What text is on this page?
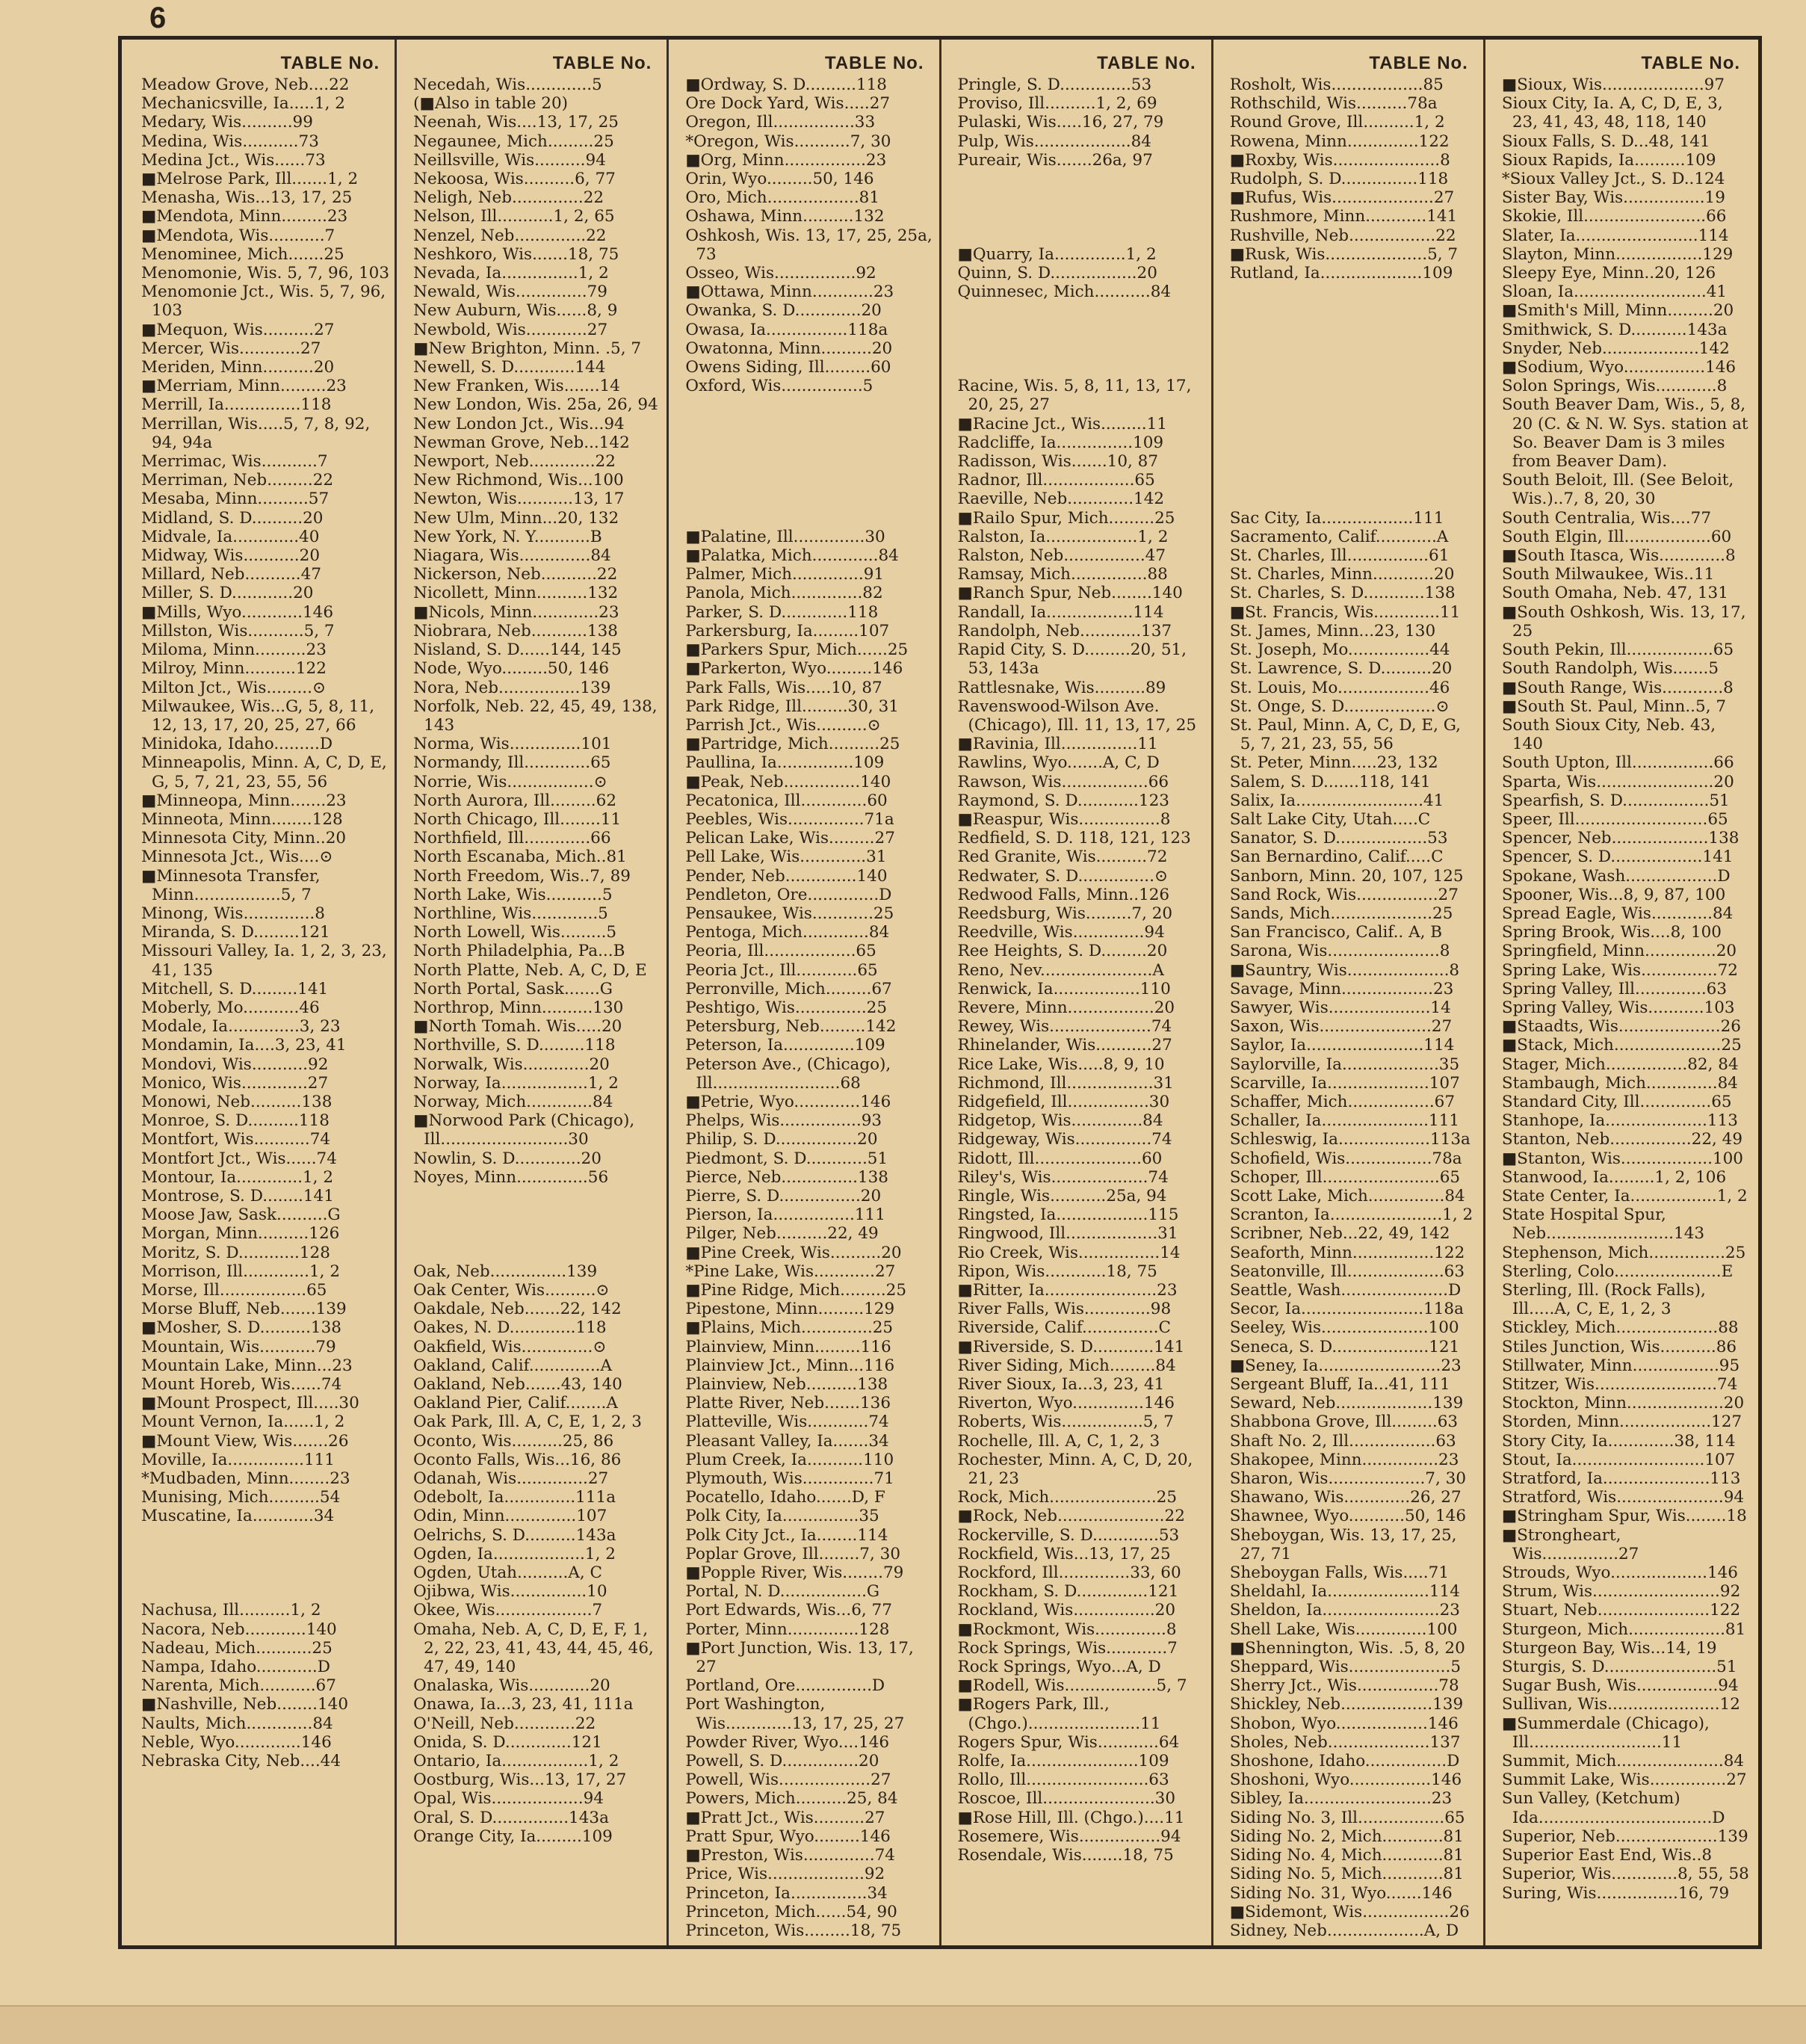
6
TABLE No.
Meadow Grove, Neb....22
Mechanicsville, Ia.....1, 2
Medary, Wis..........99
Medina, Wis...........73
Medina Jct., Wis......73
■Melrose Park, Ill.......1, 2
Menasha, Wis...13, 17, 25
■Mendota, Minn.........23
■Mendota, Wis...........7
Menominee, Mich.......25
Menomonie, Wis. 5, 7, 96, 103
Menomonie Jct., Wis. 5, 7, 96, 103
■Mequon, Wis..........27
Mercer, Wis............27
Meriden, Minn..........20
■Merriam, Minn.........23
Merrill, Ia...............118
Merrillan, Wis.....5, 7, 8, 92, 94, 94a
Merrimac, Wis...........7
Merriman, Neb.........22
Mesaba, Minn..........57
Midland, S. D..........20
Midvale, Ia.............40
Midway, Wis...........20
Millard, Neb...........47
Miller, S. D............20
■Mills, Wyo............146
Millston, Wis...........5, 7
Miloma, Minn..........23
Milroy, Minn..........122
Milton Jct., Wis.........⊙
Milwaukee, Wis...G, 5, 8, 11, 12, 13, 17, 20, 25, 27, 66
Minidoka, Idaho.........D
Minneapolis, Minn. A, C, D, E, G, 5, 7, 21, 23, 55, 56
■Minneopa, Minn.......23
Minneota, Minn........128
Minnesota City, Minn..20
Minnesota Jct., Wis....⊙
■Minnesota Transfer, Minn.................5, 7
Minong, Wis..............8
Miranda, S. D.........121
Missouri Valley, Ia. 1, 2, 3, 23, 41, 135
Mitchell, S. D.........141
Moberly, Mo...........46
Modale, Ia..............3, 23
Mondamin, Ia....3, 23, 41
Mondovi, Wis...........92
Monico, Wis.............27
Monowi, Neb..........138
Monroe, S. D..........118
Montfort, Wis...........74
Montfort Jct., Wis......74
Montour, Ia.............1, 2
Montrose, S. D........141
Moose Jaw, Sask..........G
Morgan, Minn..........126
Moritz, S. D............128
Morrison, Ill.............1, 2
Morse, Ill.................65
Morse Bluff, Neb.......139
■Mosher, S. D..........138
Mountain, Wis...........79
Mountain Lake, Minn...23
Mount Horeb, Wis......74
■Mount Prospect, Ill.....30
Mount Vernon, Ia......1, 2
■Mount View, Wis.......26
Moville, Ia...............111
*Mudbaden, Minn........23
Munising, Mich..........54
Muscatine, Ia............34

Nachusa, Ill..........1, 2
Nacora, Neb............140
Nadeau, Mich...........25
Nampa, Idaho............D
Narenta, Mich...........67
■Nashville, Neb........140
Naults, Mich.............84
Neble, Wyo.............146
Nebraska City, Neb....44
TABLE No.
Necedah, Wis.............5
(■Also in table 20)
Neenah, Wis....13, 17, 25
Negaunee, Mich.........25
Neillsville, Wis..........94
Nekoosa, Wis..........6, 77
Neligh, Neb..............22
Nelson, Ill...........1, 2, 65
Nenzel, Neb..............22
Neshkoro, Wis.......18, 75
Nevada, Ia...............1, 2
Newald, Wis..............79
New Auburn, Wis......8, 9
Newbold, Wis............27
■New Brighton, Minn. .5, 7
Newell, S. D............144
New Franken, Wis.......14
New London, Wis. 25a, 26, 94
New London Jct., Wis...94
Newman Grove, Neb...142
Newport, Neb.............22
New Richmond, Wis...100
Newton, Wis...........13, 17
New Ulm, Minn...20, 132
New York, N. Y...........B
Niagara, Wis..............84
Nickerson, Neb...........22
Nicollett, Minn..........132
■Nicols, Minn.............23
Niobrara, Neb...........138
Nisland, S. D......144, 145
Node, Wyo.........50, 146
Nora, Neb................139
Norfolk, Neb. 22, 45, 49, 138, 143
Norma, Wis..............101
Normandy, Ill.............65
Norrie, Wis.................⊙
North Aurora, Ill.........62
North Chicago, Ill........11
Northfield, Ill.............66
North Escanaba, Mich..81
North Freedom, Wis..7, 89
North Lake, Wis...........5
Northline, Wis.............5
North Lowell, Wis.........5
North Philadelphia, Pa...B
North Platte, Neb. A, C, D, E
North Portal, Sask.......G
Northrop, Minn..........130
■North Tomah. Wis.....20
Northville, S. D.........118
Norwalk, Wis.............20
Norway, Ia.................1, 2
Norway, Mich.............84
■Norwood Park (Chicago), Ill.........................30
Nowlin, S. D.............20
Noyes, Minn..............56

Oak, Neb...............139
Oak Center, Wis..........⊙
Oakdale, Neb.......22, 142
Oakes, N. D.............118
Oakfield, Wis..............⊙
Oakland, Calif..............A
Oakland, Neb.......43, 140
Oakland Pier, Calif........A
Oak Park, Ill. A, C, E, 1, 2, 3
Oconto, Wis..........25, 86
Oconto Falls, Wis...16, 86
Odanah, Wis..............27
Odebolt, Ia..............111a
Odin, Minn..............107
Oelrichs, S. D..........143a
Ogden, Ia..................1, 2
Ogden, Utah..........A, C
Ojibwa, Wis...............10
Okee, Wis...................7
Omaha, Neb. A, C, D, E, F, 1, 2, 22, 23, 41, 43, 44, 45, 46, 47, 49, 140
Onalaska, Wis............20
Onawa, Ia...3, 23, 41, 111a
O'Neill, Neb............22
Onida, S. D.............121
Ontario, Ia.................1, 2
Oostburg, Wis...13, 17, 27
Opal, Wis..................94
Oral, S. D...............143a
Orange City, Ia.........109
TABLE No.
■Ordway, S. D..........118
Ore Dock Yard, Wis.....27
Oregon, Ill................33
*Oregon, Wis...........7, 30
■Org, Minn................23
Orin, Wyo.........50, 146
Oro, Mich..................81
Oshawa, Minn..........132
Oshkosh, Wis. 13, 17, 25, 25a, 73
Osseo, Wis................92
■Ottawa, Minn............23
Owanka, S. D.............20
Owasa, Ia................118a
Owatonna, Minn..........20
Owens Siding, Ill.........60
Oxford, Wis................5

■Palatine, Ill..............30
■Palatka, Mich.............84
Palmer, Mich..............91
Panola, Mich..............82
Parker, S. D.............118
Parkersburg, Ia.........107
■Parkers Spur, Mich......25
■Parkerton, Wyo.........146
Park Falls, Wis.....10, 87
Park Ridge, Ill.........30, 31
Parrish Jct., Wis..........⊙
■Partridge, Mich..........25
Paullina, Ia...............109
■Peak, Neb...............140
Pecatonica, Ill.............60
Peebles, Wis...............71a
Pelican Lake, Wis.........27
Pell Lake, Wis.............31
Pender, Neb..............140
Pendleton, Ore..............D
Pensaukee, Wis............25
Pentoga, Mich.............84
Peoria, Ill..................65
Peoria Jct., Ill............65
Perronville, Mich.........67
Peshtigo, Wis..............25
Petersburg, Neb.........142
Peterson, Ia..............109
Peterson Ave., (Chicago), Ill.........................68
■Petrie, Wyo.............146
Phelps, Wis................93
Philip, S. D................20
Piedmont, S. D............51
Pierce, Neb...............138
Pierre, S. D................20
Pierson, Ia................111
Pilger, Neb..........22, 49
■Pine Creek, Wis..........20
*Pine Lake, Wis............27
■Pine Ridge, Mich.........25
Pipestone, Minn.........129
■Plains, Mich..............25
Plainview, Minn.........116
Plainview Jct., Minn...116
Plainview, Neb..........138
Platte River, Neb.......136
Platteville, Wis............74
Pleasant Valley, Ia.......34
Plum Creek, Ia...........110
Plymouth, Wis..............71
Pocatello, Idaho.......D, F
Polk City, Ia...............35
Polk City Jct., Ia........114
Poplar Grove, Ill........7, 30
■Popple River, Wis........79
Portal, N. D.................G
Port Edwards, Wis...6, 77
Porter, Minn..............128
■Port Junction, Wis. 13, 17, 27
Portland, Ore...............D
Port Washington, Wis.............13, 17, 25, 27
Powder River, Wyo....146
Powell, S. D...............20
Powell, Wis..................27
Powers, Mich..........25, 84
■Pratt Jct., Wis..........27
Pratt Spur, Wyo.........146
■Preston, Wis..............74
Price, Wis...................92
Princeton, Ia...............34
Princeton, Mich......54, 90
Princeton, Wis.........18, 75
TABLE No.
Pringle, S. D..............53
Proviso, Ill..........1, 2, 69
Pulaski, Wis.....16, 27, 79
Pulp, Wis...................84
Pureair, Wis.......26a, 97

■Quarry, Ia..............1, 2
Quinn, S. D.................20
Quinnesec, Mich...........84

Racine, Wis. 5, 8, 11, 13, 17, 20, 25, 27
■Racine Jct., Wis.........11
Radcliffe, Ia...............109
Radisson, Wis.......10, 87
Radnor, Ill..................65
Raeville, Neb.............142
■Railo Spur, Mich.........25
Ralston, Ia..................1, 2
Ralston, Neb................47
Ramsay, Mich...............88
■Ranch Spur, Neb........140
Randall, Ia.................114
Randolph, Neb............137
Rapid City, S. D.........20, 51, 53, 143a
Rattlesnake, Wis..........89
Ravenswood-Wilson Ave. (Chicago), Ill. 11, 13, 17, 25
■Ravinia, Ill...............11
Rawlins, Wyo.......A, C, D
Rawson, Wis.................66
Raymond, S. D............123
■Reaspur, Wis................8
Redfield, S. D. 118, 121, 123
Red Granite, Wis..........72
Redwater, S. D...............⊙
Redwood Falls, Minn..126
Reedsburg, Wis.........7, 20
Reedville, Wis..............94
Ree Heights, S. D.........20
Reno, Nev......................A
Renwick, Ia.................110
Revere, Minn.................20
Rewey, Wis....................74
Rhinelander, Wis...........27
Rice Lake, Wis.....8, 9, 10
Richmond, Ill.................31
Ridgefield, Ill................30
Ridgetop, Wis..............84
Ridgeway, Wis...............74
Ridott, Ill.....................60
Riley's, Wis...................74
Ringle, Wis...........25a, 94
Ringsted, Ia..................115
Ringwood, Ill..................31
Rio Creek, Wis................14
Ripon, Wis............18, 75
■Ritter, Ia......................23
River Falls, Wis.............98
Riverside, Calif...............C
■Riverside, S. D............141
River Siding, Mich.........84
River Sioux, Ia...3, 23, 41
Riverton, Wyo..............146
Roberts, Wis................5, 7
Rochelle, Ill. A, C, 1, 2, 3
Rochester, Minn. A, C, D, 20, 21, 23
Rock, Mich.....................25
■Rock, Neb.....................22
Rockerville, S. D.............53
Rockfield, Wis...13, 17, 25
Rockford, Ill..............33, 60
Rockham, S. D..............121
Rockland, Wis................20
■Rockmont, Wis..............8
Rock Springs, Wis............7
Rock Springs, Wyo...A, D
■Rodell, Wis..................5, 7
■Rogers Park, Ill., (Chgo.)......................11
Rogers Spur, Wis............64
Rolfe, Ia......................109
Rollo, Ill........................63
Roscoe, Ill......................30
■Rose Hill, Ill. (Chgo.)....11
Rosemere, Wis................94
Rosendale, Wis........18, 75
TABLE No.
Rosholt, Wis..................85
Rothschild, Wis..........78a
Round Grove, Ill..........1, 2
Rowena, Minn..............122
■Roxby, Wis.....................8
Rudolph, S. D...............118
■Rufus, Wis....................27
Rushmore, Minn............141
Rushville, Neb.................22
■Rusk, Wis....................5, 7
Rutland, Ia....................109

Sac City, Ia..................111
Sacramento, Calif............A
St. Charles, Ill................61
St. Charles, Minn............20
St. Charles, S. D............138
■St. Francis, Wis.............11
St. James, Minn...23, 130
St. Joseph, Mo................44
St. Lawrence, S. D..........20
St. Louis, Mo..................46
St. Onge, S. D..................⊙
St. Paul, Minn. A, C, D, E, G, 5, 7, 21, 23, 55, 56
St. Peter, Minn.....23, 132
Salem, S. D.......118, 141
Salix, Ia.........................41
Salt Lake City, Utah.....C
Sanator, S. D..................53
San Bernardino, Calif.....C
Sanborn, Minn. 20, 107, 125
Sand Rock, Wis................27
Sands, Mich....................25
San Francisco, Calif.. A, B
Sarona, Wis......................8
■Sauntry, Wis....................8
Savage, Minn..................23
Sawyer, Wis....................14
Saxon, Wis......................27
Saylor, Ia.......................114
Saylorville, Ia...................35
Scarville, Ia....................107
Schaffer, Mich.................67
Schaller, Ia.....................111
Schleswig, Ia..................113a
Schofield, Wis.................78a
Schoper, Ill.......................65
Scott Lake, Mich...............84
Scranton, Ia......................1, 2
Scribner, Neb...22, 49, 142
Seaforth, Minn................122
Seatonville, Ill...................63
Seattle, Wash.....................D
Secor, Ia........................118a
Seeley, Wis.....................100
Seneca, S. D...................121
■Seney, Ia........................23
Sergeant Bluff, Ia...41, 111
Seward, Neb...................139
Shabbona Grove, Ill.........63
Shaft No. 2, Ill.................63
Shakopee, Minn...............23
Sharon, Wis...................7, 30
Shawano, Wis.............26, 27
Shawnee, Wyo...........50, 146
Sheboygan, Wis. 13, 17, 25, 27, 71
Sheboygan Falls, Wis.....71
Sheldahl, Ia....................114
Sheldon, Ia.......................23
Shell Lake, Wis..............100
■Shennington, Wis. .5, 8, 20
Sheppard, Wis....................5
Sherry Jct., Wis................78
Shickley, Neb..................139
Shobon, Wyo..................146
Sholes, Neb....................137
Shoshone, Idaho................D
Shoshoni, Wyo................146
Sibley, Ia.........................23
Siding No. 3, Ill.................65
Siding No. 2, Mich............81
Siding No. 4, Mich............81
Siding No. 5, Mich............81
Siding No. 31, Wyo.......146
■Sidemont, Wis.................26
Sidney, Neb...................A, D
TABLE No.
■Sioux, Wis....................97
Sioux City, Ia. A, C, D, E, 3, 23, 41, 43, 48, 118, 140
Sioux Falls, S. D...48, 141
Sioux Rapids, Ia..........109
*Sioux Valley Jct., S. D..124
Sister Bay, Wis................19
Skokie, Ill........................66
Slater, Ia........................114
Slayton, Minn.................129
Sleepy Eye, Minn..20, 126
Sloan, Ia..........................41
■Smith's Mill, Minn.........20
Smithwick, S. D...........143a
Snyder, Neb...................142
■Sodium, Wyo................146
Solon Springs, Wis............8
South Beaver Dam, Wis., 5, 8, 20 (C. & N. W. Sys. station at So. Beaver Dam is 3 miles from Beaver Dam).
South Beloit, Ill. (See Beloit, Wis.)..7, 8, 20, 30
South Centralia, Wis....77
South Elgin, Ill.................60
■South Itasca, Wis.............8
South Milwaukee, Wis..11
South Omaha, Neb. 47, 131
■South Oshkosh, Wis. 13, 17, 25
South Pekin, Ill.................65
South Randolph, Wis.......5
■South Range, Wis............8
■South St. Paul, Minn..5, 7
South Sioux City, Neb. 43, 140
South Upton, Ill................66
Sparta, Wis.......................20
Spearfish, S. D.................51
Speer, Ill..........................65
Spencer, Neb...................138
Spencer, S. D..................141
Spokane, Wash..................D
Spooner, Wis...8, 9, 87, 100
Spread Eagle, Wis............84
Spring Brook, Wis....8, 100
Springfield, Minn..............20
Spring Lake, Wis...............72
Spring Valley, Ill..............63
Spring Valley, Wis...........103
■Staadts, Wis....................26
■Stack, Mich.....................25
Stager, Mich................82, 84
Stambaugh, Mich..............84
Standard City, Ill..............65
Stanhope, Ia....................113
Stanton, Neb................22, 49
■Stanton, Wis..................100
Stanwood, Ia.........1, 2, 106
State Center, Ia.................1, 2
State Hospital Spur, Neb.........................143
Stephenson, Mich...............25
Sterling, Colo.....................E
Sterling, Ill. (Rock Falls), Ill.....A, C, E, 1, 2, 3
Stickley, Mich....................88
Stiles Junction, Wis...........86
Stillwater, Minn.................95
Stitzer, Wis........................74
Stockton, Minn...................20
Storden, Minn..................127
Story City, Ia.............38, 114
Stout, Ia..........................107
Stratford, Ia.....................113
Stratford, Wis.....................94
■Stringham Spur, Wis........18
■Strongheart, Wis...............27
Strouds, Wyo...................146
Strum, Wis.........................92
Stuart, Neb......................122
Sturgeon, Mich...................81
Sturgeon Bay, Wis...14, 19
Sturgis, S. D......................51
Sugar Bush, Wis................94
Sullivan, Wis......................12
■Summerdale (Chicago), Ill..........................11
Summit, Mich.....................84
Summit Lake, Wis...............27
Sun Valley, (Ketchum) Ida..................................D
Superior, Neb....................139
Superior East End, Wis..8
Superior, Wis.............8, 55, 58
Suring, Wis................16, 79
